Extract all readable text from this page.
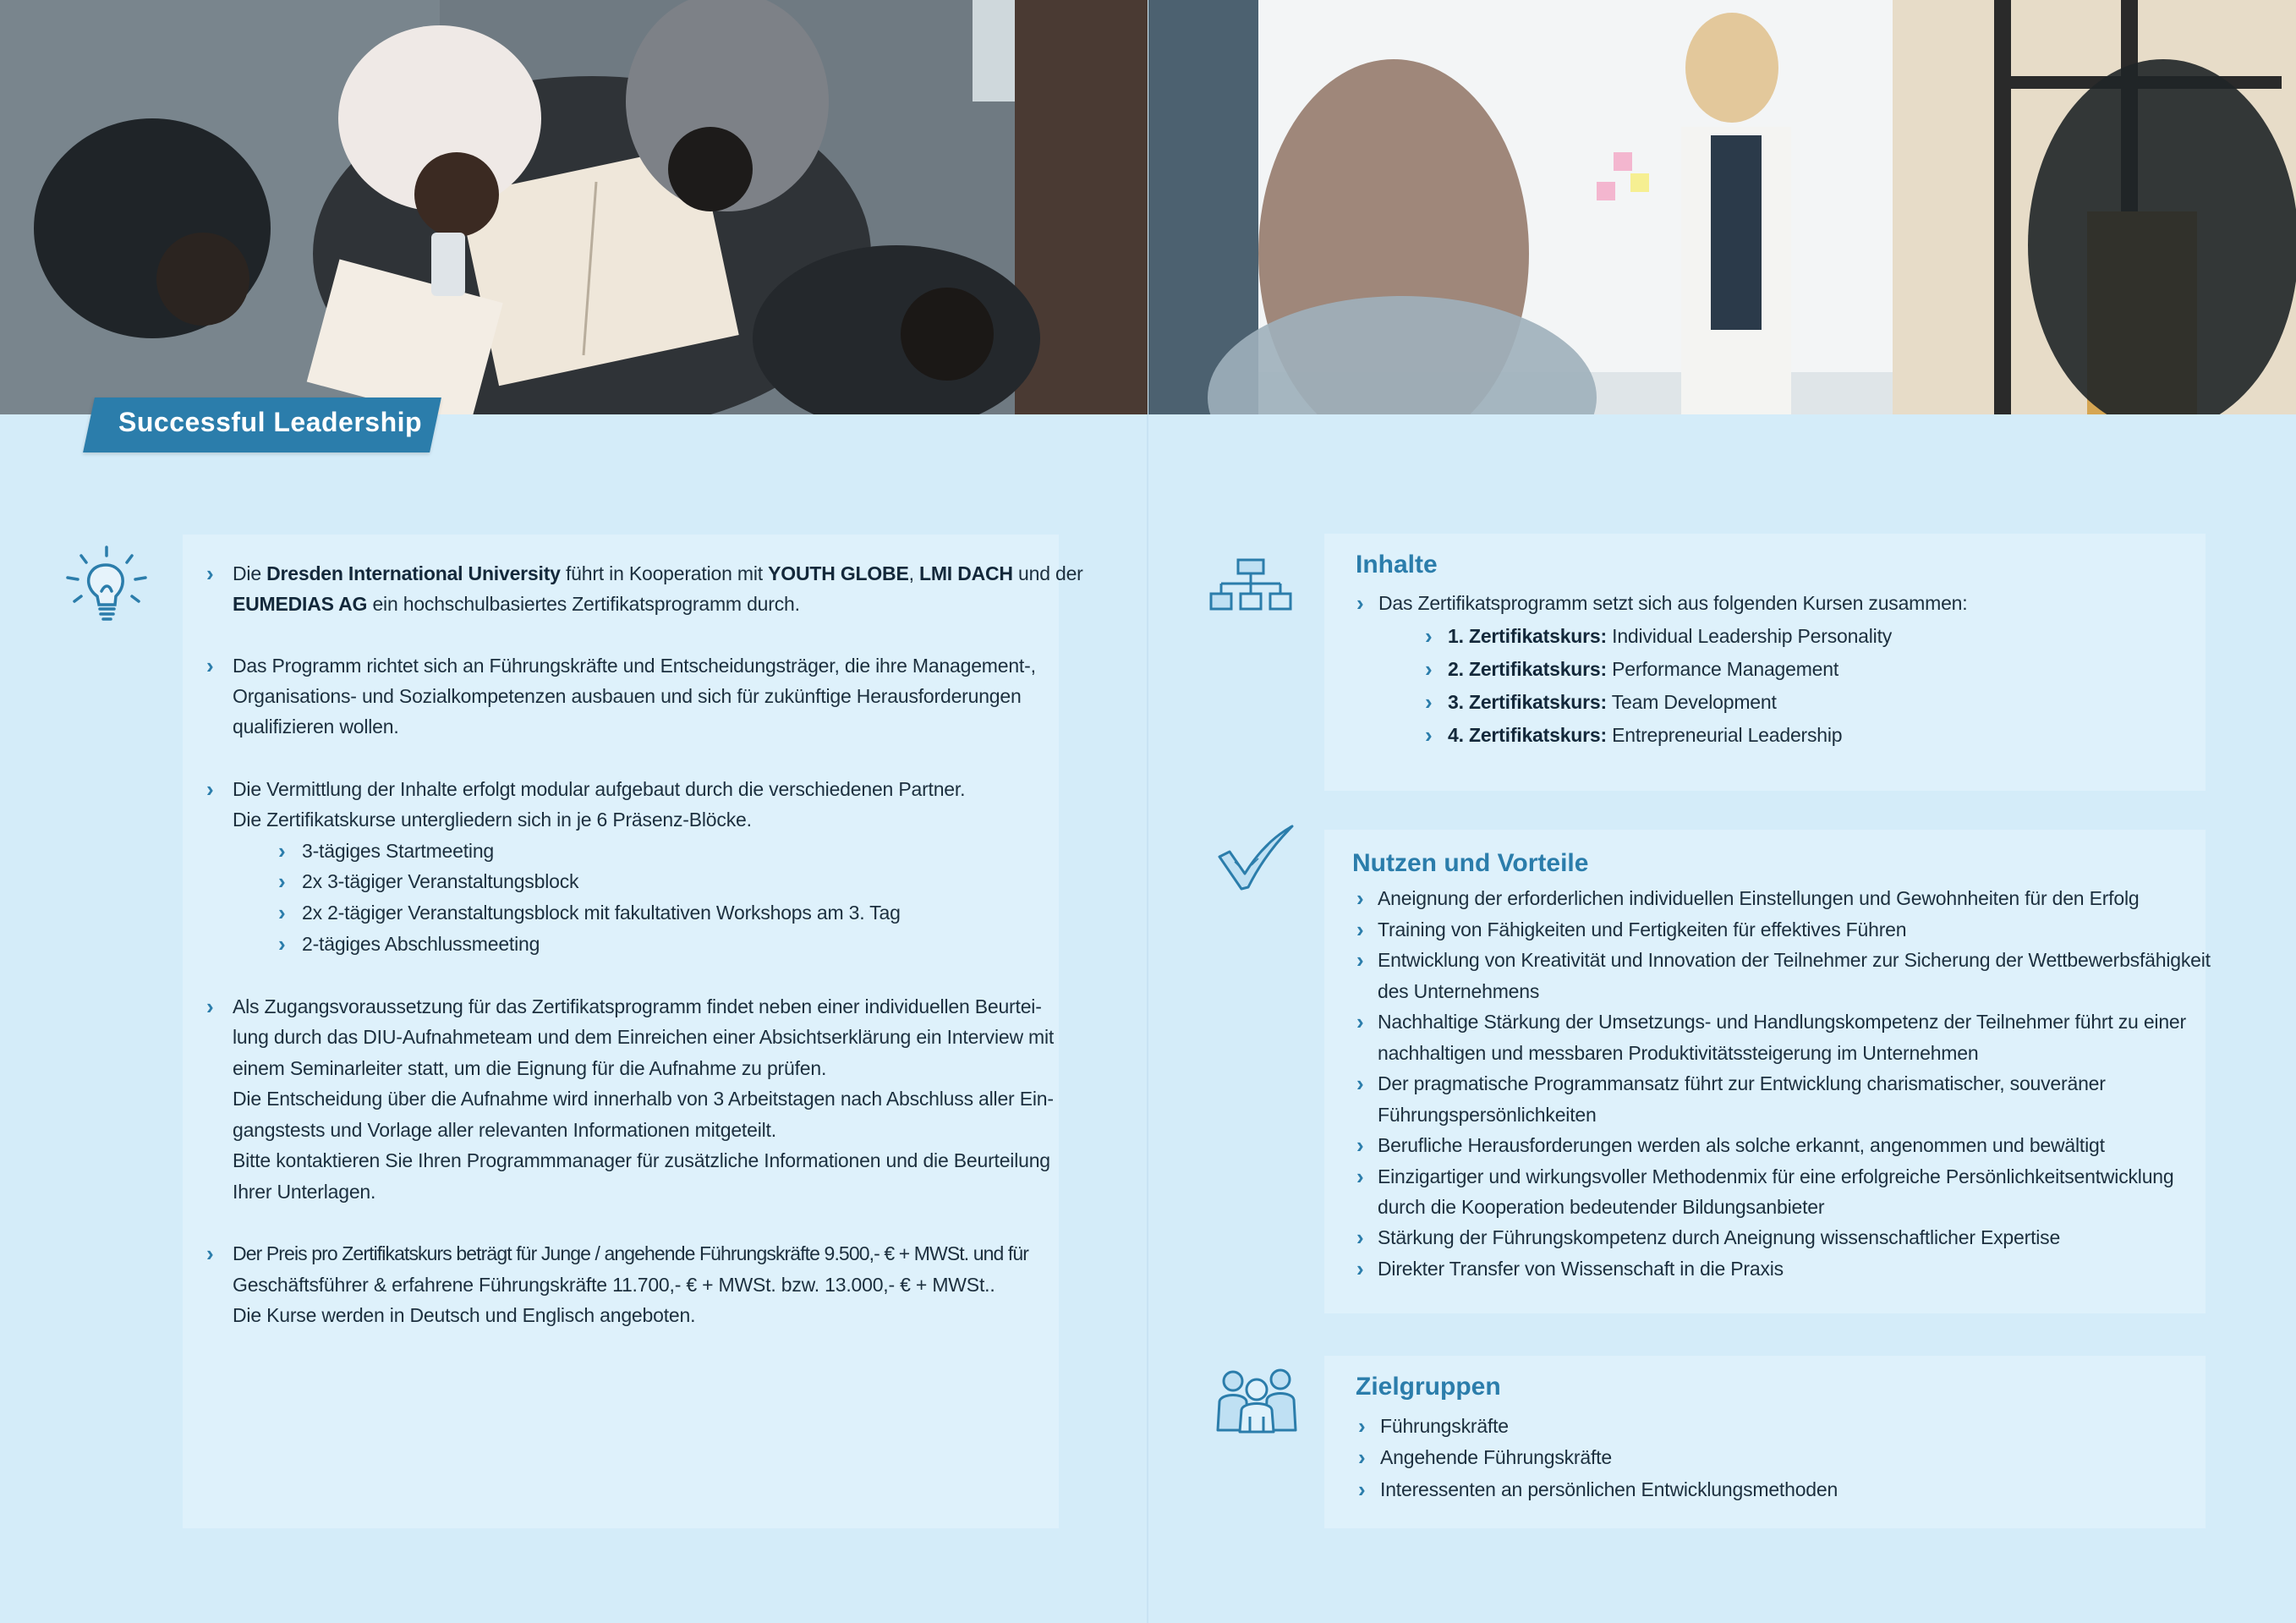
Successful Leadership
› Die Dresden International University führt in Kooperation mit YOUTH GLOBE, LMI DACH und der
EUMEDIAS AG ein hochschulbasiertes Zertifikatsprogramm durch.
› Das Programm richtet sich an Führungskräfte und Entscheidungsträger, die ihre Management-,
Organisations- und Sozialkompetenzen ausbauen und sich für zukünftige Herausforderungen
qualifizieren wollen.
› Die Vermittlung der Inhalte erfolgt modular aufgebaut durch die verschiedenen Partner.
Die Zertifikatskurse untergliedern sich in je 6 Präsenz-Blöcke.
› 3-tägiges Startmeeting
› 2x 3-tägiger Veranstaltungsblock
› 2x 2-tägiger Veranstaltungsblock mit fakultativen Workshops am 3. Tag
› 2-tägiges Abschlussmeeting
› Als Zugangsvoraussetzung für das Zertifikatsprogramm findet neben einer individuellen Beurtei-
lung durch das DIU-Aufnahmeteam und dem Einreichen einer Absichtserklärung ein Interview mit
einem Seminarleiter statt, um die Eignung für die Aufnahme zu prüfen.
Die Entscheidung über die Aufnahme wird innerhalb von 3 Arbeitstagen nach Abschluss aller Ein-
gangstests und Vorlage aller relevanten Informationen mitgeteilt.
Bitte kontaktieren Sie Ihren Programmmanager für zusätzliche Informationen und die Beurteilung
Ihrer Unterlagen.
› Der Preis pro Zertifikatskurs beträgt für Junge / angehende Führungskräfte 9.500,- € + MWSt. und für
Geschäftsführer & erfahrene Führungskräfte 11.700,- € + MWSt. bzw. 13.000,- € + MWSt..
Die Kurse werden in Deutsch und Englisch angeboten.
Inhalte
› Das Zertifikatsprogramm setzt sich aus folgenden Kursen zusammen:
› 1. Zertifikatskurs: Individual Leadership Personality
› 2. Zertifikatskurs: Performance Management
› 3. Zertifikatskurs: Team Development
› 4. Zertifikatskurs: Entrepreneurial Leadership
Nutzen und Vorteile
› Aneignung der erforderlichen individuellen Einstellungen und Gewohnheiten für den Erfolg
› Training von Fähigkeiten und Fertigkeiten für effektives Führen
› Entwicklung von Kreativität und Innovation der Teilnehmer zur Sicherung der Wettbewerbsfähigkeit
des Unternehmens
› Nachhaltige Stärkung der Umsetzungs- und Handlungskompetenz der Teilnehmer führt zu einer
nachhaltigen und messbaren Produktivitätssteigerung im Unternehmen
› Der pragmatische Programmansatz führt zur Entwicklung charismatischer, souveräner
Führungspersönlichkeiten
› Berufliche Herausforderungen werden als solche erkannt, angenommen und bewältigt
› Einzigartiger und wirkungsvoller Methodenmix für eine erfolgreiche Persönlichkeitsentwicklung
durch die Kooperation bedeutender Bildungsanbieter
› Stärkung der Führungskompetenz durch Aneignung wissenschaftlicher Expertise
› Direkter Transfer von Wissenschaft in die Praxis
Zielgruppen
› Führungskräfte
› Angehende Führungskräfte
› Interessenten an persönlichen Entwicklungsmethoden
